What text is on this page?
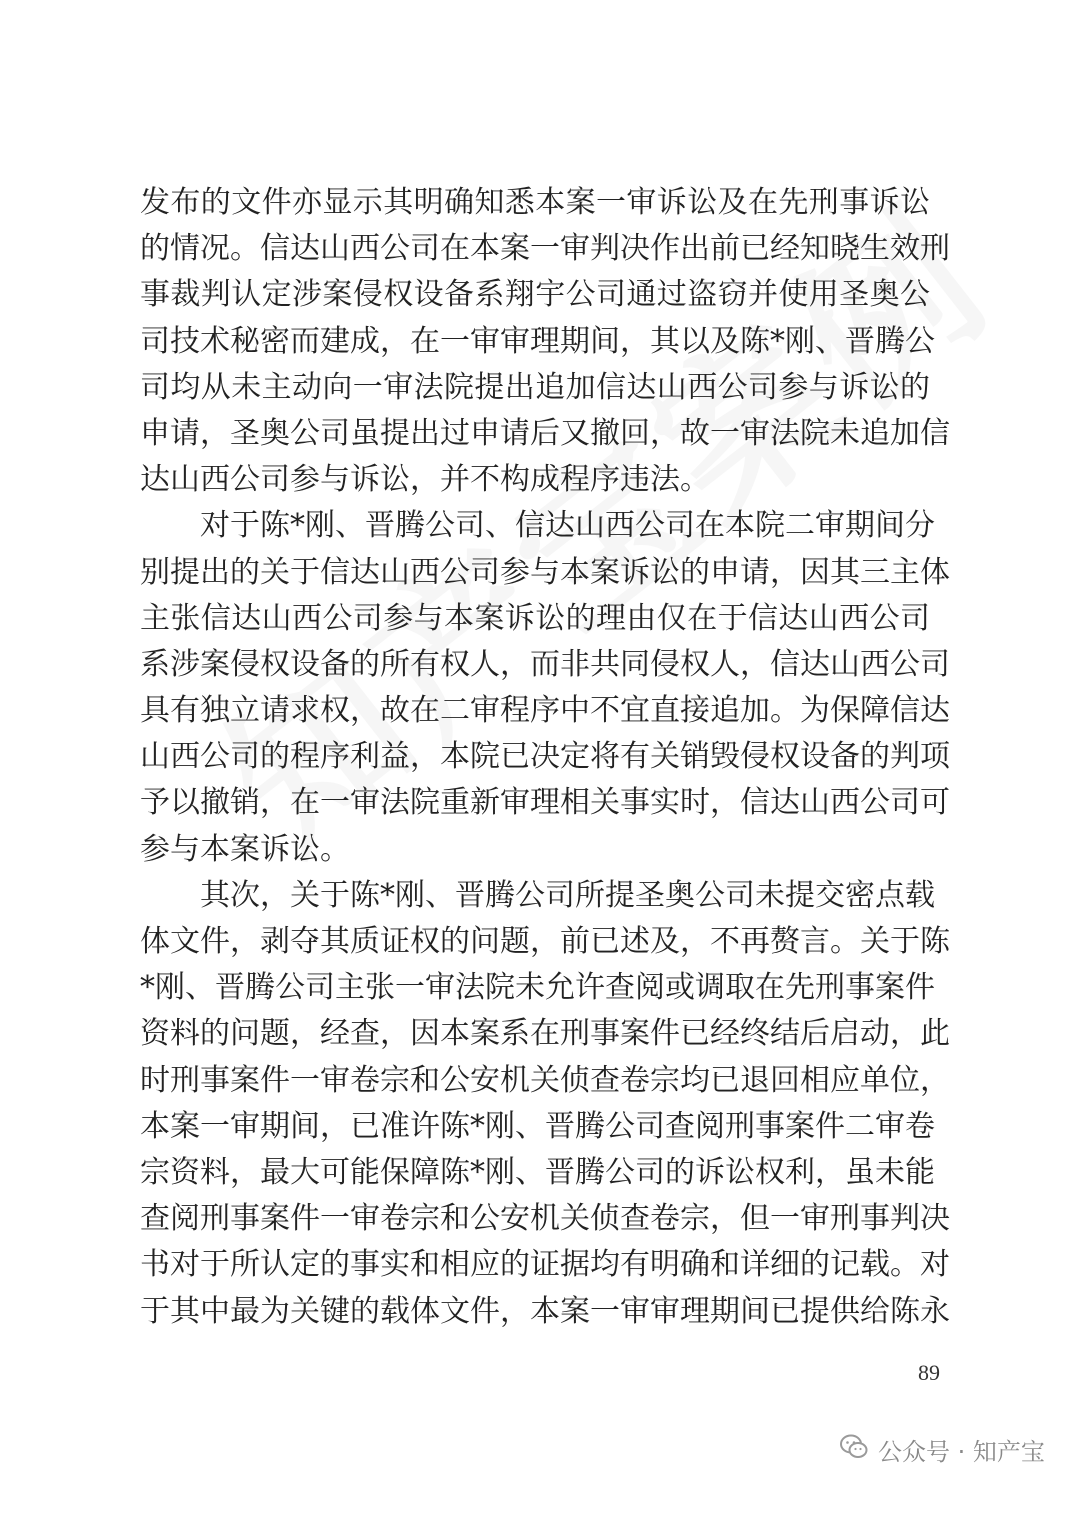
发布的文件亦显示其明确知悉本案一审诉讼及在先刑事诉讼
的情况。信达山西公司在本案一审判决作出前已经知晓生效刑
事裁判认定涉案侵权设备系翔宇公司通过盗窃并使用圣奥公
司技术秘密而建成，在一审审理期间，其以及陈*刚、晋腾公
司均从未主动向一审法院提出追加信达山西公司参与诉讼的
申请，圣奥公司虽提出过申请后又撤回，故一审法院未追加信
达山西公司参与诉讼，并不构成程序违法。
对于陈*刚、晋腾公司、信达山西公司在本院二审期间分
别提出的关于信达山西公司参与本案诉讼的申请，因其三主体
主张信达山西公司参与本案诉讼的理由仅在于信达山西公司
系涉案侵权设备的所有权人，而非共同侵权人，信达山西公司
具有独立请求权，故在二审程序中不宜直接追加。为保障信达
山西公司的程序利益，本院已决定将有关销毁侵权设备的判项
予以撤销，在一审法院重新审理相关事实时，信达山西公司可
参与本案诉讼。
其次，关于陈*刚、晋腾公司所提圣奥公司未提交密点载
体文件，剥夺其质证权的问题，前已述及，不再赘言。关于陈
*刚、晋腾公司主张一审法院未允许查阅或调取在先刑事案件
资料的问题，经查，因本案系在刑事案件已经终结后启动，此
时刑事案件一审卷宗和公安机关侦查卷宗均已退回相应单位，
本案一审期间，已准许陈*刚、晋腾公司查阅刑事案件二审卷
宗资料，最大可能保障陈*刚、晋腾公司的诉讼权利，虽未能
查阅刑事案件一审卷宗和公安机关侦查卷宗，但一审刑事判决
书对于所认定的事实和相应的证据均有明确和详细的记载。对
于其中最为关键的载体文件，本案一审审理期间已提供给陈永
89
公众号 · 知产宝
